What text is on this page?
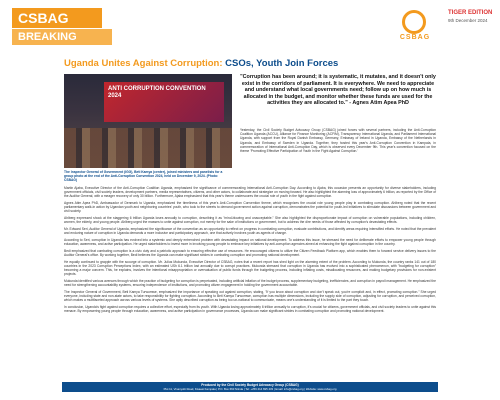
CSBAG
BREAKING NEWS
CSBAG
TIGER EDITION
9th December 2024
Uganda Unites Against Corruption: CSOs, Youth Join Forces
ANTI CORRUPTION CONVENTION 2024
The Inspector General of Government (IGG), Beti Kamya (center), joined ministers and panelists for a group photo at the end of the Anti-Corruption Convention 2024, held on December 9, 2024. (Photo: CSBAG)
"Corruption has been around; it is systematic, it mutates, and it doesn't only exist in the corridors of parliament. It is everywhere. We need to appreciate and understand what local governments need; follow up on how much is allocated in the budget, and monitor whether these funds are used for the activities they are allocated to." - Agnes Atim Apea PhD
Yesterday, the Civil Society Budget Advocacy Group (CSBAG) joined forces with several partners, including the Anti-Corruption Coalition Uganda (ACCU), Alliance for Finance Monitoring (ACFIM), Transparency International Uganda, and Parliament International Uganda, with support from the Royal Danish Embassy, Germany, Embassy of Ireland in Uganda, Embassy of the Netherlands in Uganda, and Embassy of Sweden in Uganda. Together, they hosted this year's Anti-Corruption Convention in Kampala, in commemoration of International Anti-Corruption Day, which is observed every December 9th. This year's convention focused on the theme 'Promoting Effective Participation of Youth in the Fight Against Corruption.'

Martin Ajaba, Executive Director of the Anti-Corruption Coalition Uganda, emphasized the significance of commemorating International Anti-Corruption Day. According to Ajaba, this occasion presents an opportunity for diverse stakeholders, including government officials, civil society leaders, development partners, media representatives, citizens, and other actors, to collaborate and strategize on moving forward. He also highlighted the alarming loss of approximately 6 trillion, as reported by the Office of the Auditor General, with a meager recovery of only 30 billion. Furthermore, Ajaba emphasized that this year's theme underscores the crucial role of youth in the fight against corruption.

Agnes Atim Apea PhD, Ambassador of Denmark to Uganda, emphasized the timeliness of this year's Anti-Corruption Convention theme, which recognizes the crucial role young people play in combating corruption. Ahlberg noted that the recent parliamentary walk-in action by Ugandan youth and neighboring countries' youth, who took to the streets to demand government action against corruption, demonstrates the potential for youth-led initiatives to stimulate discussions between government and civil society.

Ahlberg expressed shock at the staggering 6 trillion Uganda loses annually to corruption, describing it as "mind-blowing and unacceptable." She also highlighted the disproportionate impact of corruption on vulnerable populations, including children, women, the elderly, and young people. Ahlberg urged the masses to unite against corruption, not merely for the sake of institutions or government, but to address the dire needs of those affected by corruption's devastating effects.

Mr. Edward Seri, Auditor General of Uganda, emphasized the significance of the convention as an opportunity to reflect on progress in combating corruption, evaluate contributions, and identify areas requiring intensified efforts. He noted that the prevalent and enduring nature of corruption in Uganda demands a more inclusive and participatory approach, one that actively involves youth as agents of change.

According to Seri, corruption in Uganda has evolved into a systemic and deeply entrenched problem with devastating impact on national development. To address this issue, he stressed the need for deliberate efforts to empower young people through education, awareness, and active participation. He urged stakeholders to invest more in involving young people to embrace key initiatives by anti-corruption agencies aimed at enhancing the fight against corruption in the country.

Bedi emphasized that combating corruption is a civic duty and a patriotic approach to ensuring effective use of resources. He encouraged citizens to utilize the Citizen Feedback Platform app, which enables them to forward service delivery issues to the Auditor General's office. By working together, Bedi believes the Uganda can make significant strides in combating corruption and promoting national development.

He equally continued to grapple with the scourge of corruption. Mr. Julius Mukunda, Executive Director of CSBAG, notes that a recent report has shed light on the alarming extent of the problem. According to Mukunda, the country ranks 141 out of 180 countries in the 2023 Corruption Perceptions Index, with an estimated USh 6.1 trillion lost annually due to corrupt practices. Mukunda stressed that corruption in Uganda has evolved into a sophisticated phenomenon, with "budgeting for corruption" becoming a major concern. This, he explains, involves the intentional misappropriation or overvaluation of public funds through the budgeting process, including inflating costs, misallocating resources, and making budgetary provisions for non-existent projects.

Mukunda identified various avenues through which the practice of budgeting for corruption is perpetuated, including artificial inflation of the budget process, supplementary budgeting, inefficiencies, and corruption in payroll management. He emphasized the need for strengthening accountability systems, ensuring independence of institutions, and promoting citizen engagement in holding the government accountable.

The Inspector General of Government, Beti Kamya Turwomwe, emphasized the importance of speaking out against corruption, stating, "If you know about corruption and don't speak out, you're complicit and, in effect, promoting corruption." She urged everyone, including state and non-state actors, to take responsibility for fighting corruption. According to Beti Kamya Turwomwe, corruption has multiple dimensions, including the supply side of corruption, adjusting for corruption, and perceived corruption, which makes a multifaceted approach across various levels of systems. She aptly described corruption as being too un-national to communicate, means one's understanding of it is limited to the part they touch.

In conclusion, Uganda's fight against corruption requires a collective effort, especially from its youth. With Uganda losing approximately 6 trillion annually to corruption, it's crucial for citizens, government officials, and civil society leaders to unite against this menace. By empowering young people through education, awareness, and active participation in governance processes, Uganda can make significant strides in combating corruption and promoting national development.

Produced by the Civil Society Budget Advocacy Group (CSBAG)
Plot 11, Vinanyobi Road, Kisaasi Kampala | P.O. Box 660 Ntinda | Tel: +256 414 695 433 | Email: info@csbag.org | Website: www.csbag.org
